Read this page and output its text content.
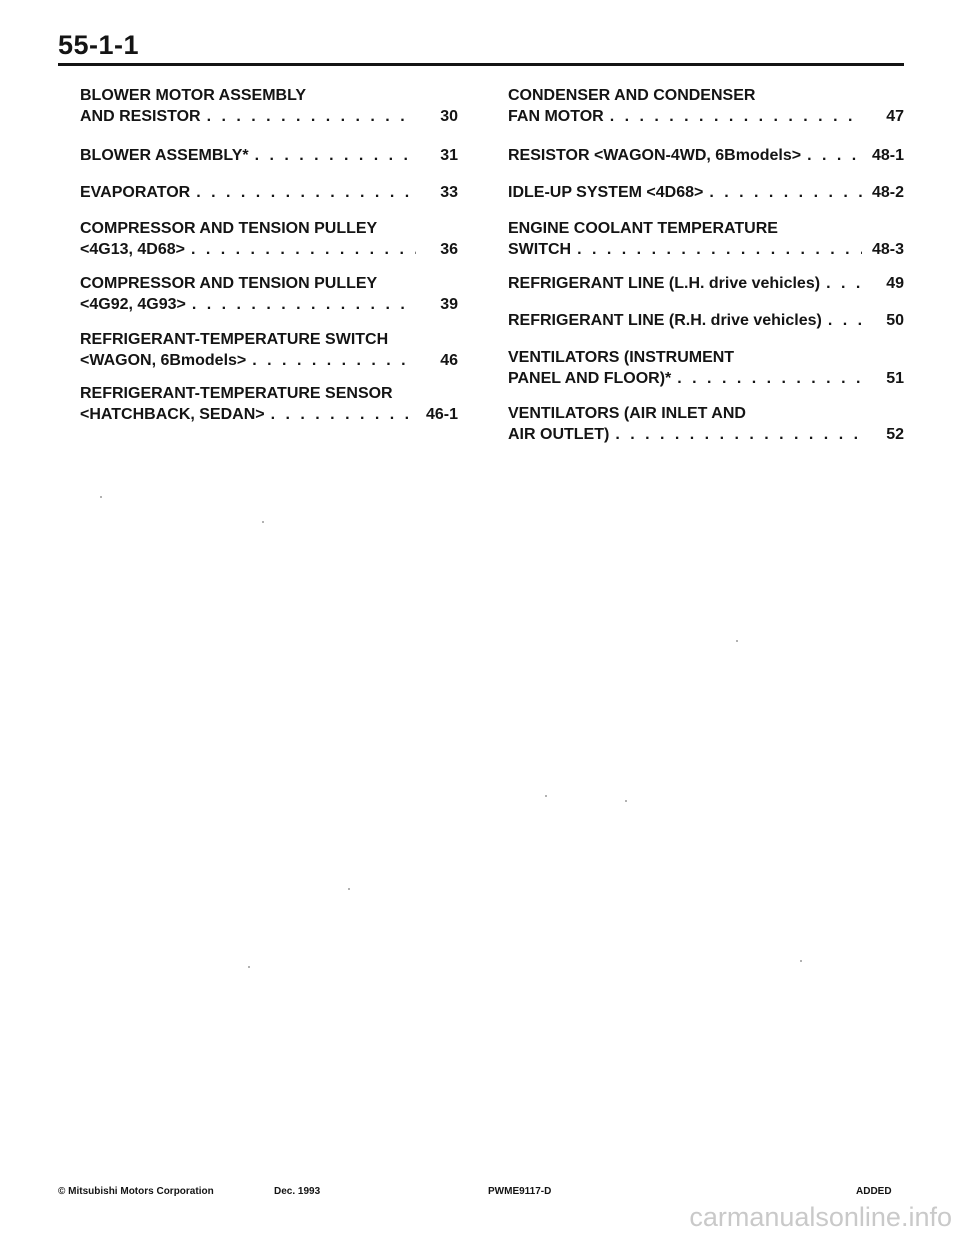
55-1-1
BLOWER MOTOR ASSEMBLY
AND RESISTOR . . .	30
BLOWER ASSEMBLY* . . .	31
EVAPORATOR . . .	33
COMPRESSOR AND TENSION PULLEY
<4G13, 4D68> . . .	36
COMPRESSOR AND TENSION PULLEY
<4G92, 4G93> . . .	39
REFRIGERANT-TEMPERATURE SWITCH
<WAGON, 6Bmodels> . . .	46
REFRIGERANT-TEMPERATURE SENSOR
<HATCHBACK, SEDAN> . . .	46-1
CONDENSER AND CONDENSER
FAN MOTOR . . .	47
RESISTOR <WAGON-4WD, 6Bmodels> . . .	48-1
IDLE-UP SYSTEM <4D68> . . .	48-2
ENGINE COOLANT TEMPERATURE
SWITCH . . .	48-3
REFRIGERANT LINE (L.H. drive vehicles) . . .	49
REFRIGERANT LINE (R.H. drive vehicles) . . .	50
VENTILATORS (INSTRUMENT
PANEL AND FLOOR)* . . .	51
VENTILATORS (AIR INLET AND
AIR OUTLET) . . .	52
© Mitsubishi Motors Corporation	Dec. 1993	PWME9117-D	ADDED
carmanualsonline.info
